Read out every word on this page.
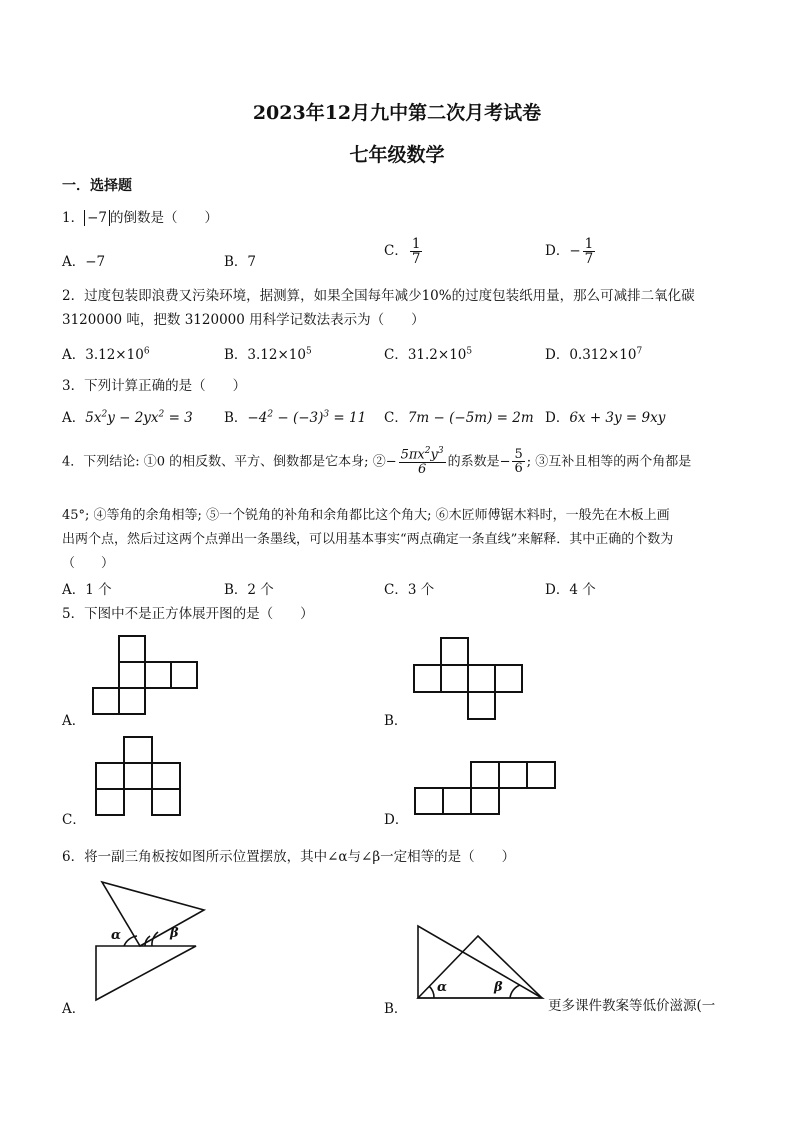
2023年12月九中第二次月考试卷
七年级数学
一．选择题
1． −7 的倒数是（　　）
A．−7	B．7
C． $\frac{1}{7}$	D．− $\frac{1}{7}$
2．过度包装即浪费又污染环境，据测算，如果全国每年减少10%的过度包装纸用量，那么可减排二氧化碳
3120000 吨，把数 3120000 用科学记数法表示为（　　）
A．$3.12\times 10^6$	B．$3.12\times 10^5$	C．$31.2\times 10^5$	D．$0.312\times 10^7$
3．下列计算正确的是（　　）
A．$5x^2y - 2yx^2 = 3$ B．$-4^2 - (-3)^3 = 11$ C．7m − (−5m) = 2m D．6x + 3y = 9xy
4．下列结论: ①0 的相反数、平方、倒数都是它本身; ②− $\frac{5\pi x^2y^3}{6}$ 的系数是− $\frac{5}{6}$ ; ③互补且相等的两个角都是
45°; ④等角的余角相等; ⑤一个锐角的补角和余角都比这个角大; ⑥木匠师傅锯木料时，一般先在木板上画
出两个点，然后过这两个点弹出一条墨线，可以用基本事实“两点确定一条直线”来解释．其中正确的个数为
（　　）
A．1 个	B．2 个	C．3 个	D．4 个
5．下图中不是正方体展开图的是（　　）
A．	B．
C．	D．
6．将一副三角板按如图所示位置摆放，其中∠α与∠β一定相等的是（　　）
α	β
α	β
A．	B．	更多课件教案等低价滋源(一
